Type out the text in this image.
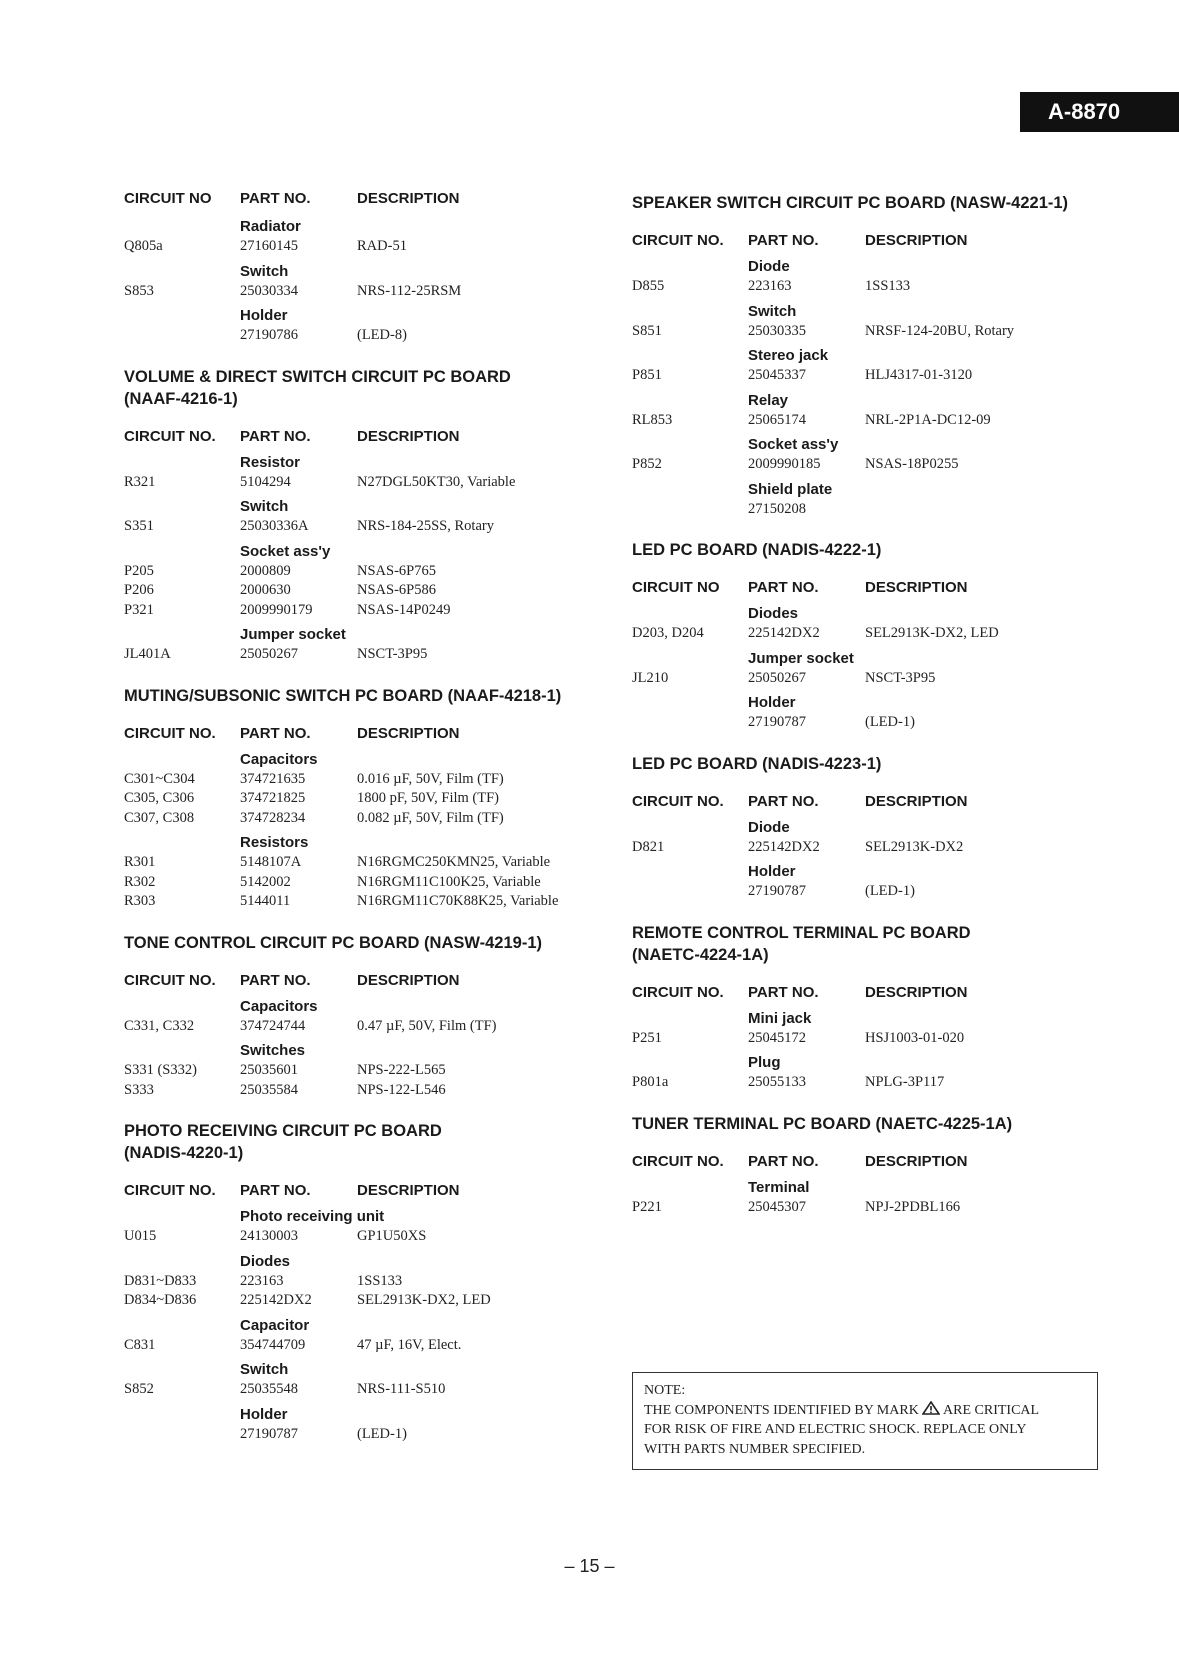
A-8870
CIRCUIT NO	PART NO.	DESCRIPTION
Radiator
Q805a	27160145	RAD-51
Switch
S853	25030334	NRS-112-25RSM
Holder
27190786	(LED-8)
VOLUME & DIRECT SWITCH CIRCUIT PC BOARD
(NAAF-4216-1)
CIRCUIT NO.	PART NO.	DESCRIPTION
Resistor
R321	5104294	N27DGL50KT30, Variable
Switch
S351	25030336A	NRS-184-25SS, Rotary
Socket ass'y
P205	2000809	NSAS-6P765
P206	2000630	NSAS-6P586
P321	2009990179	NSAS-14P0249
Jumper socket
JL401A	25050267	NSCT-3P95
MUTING/SUBSONIC SWITCH PC BOARD (NAAF-4218-1)
CIRCUIT NO.	PART NO.	DESCRIPTION
Capacitors
C301~C304	374721635	0.016 µF, 50V, Film (TF)
C305, C306	374721825	1800 pF, 50V, Film (TF)
C307, C308	374728234	0.082 µF, 50V, Film (TF)
Resistors
R301	5148107A	N16RGMC250KMN25, Variable
R302	5142002	N16RGM11C100K25, Variable
R303	5144011	N16RGM11C70K88K25, Variable
TONE CONTROL CIRCUIT PC BOARD (NASW-4219-1)
CIRCUIT NO.	PART NO.	DESCRIPTION
Capacitors
C331, C332	374724744	0.47 µF, 50V, Film (TF)
Switches
S331 (S332)	25035601	NPS-222-L565
S333	25035584	NPS-122-L546
PHOTO RECEIVING CIRCUIT PC BOARD
(NADIS-4220-1)
CIRCUIT NO.	PART NO.	DESCRIPTION
Photo receiving unit
U015	24130003	GP1U50XS
Diodes
D831~D833	223163	1SS133
D834~D836	225142DX2	SEL2913K-DX2, LED
Capacitor
C831	354744709	47 µF, 16V, Elect.
Switch
S852	25035548	NRS-111-S510
Holder
27190787	(LED-1)
SPEAKER SWITCH CIRCUIT PC BOARD (NASW-4221-1)
CIRCUIT NO.	PART NO.	DESCRIPTION
Diode
D855	223163	1SS133
Switch
S851	25030335	NRSF-124-20BU, Rotary
Stereo jack
P851	25045337	HLJ4317-01-3120
Relay
RL853	25065174	NRL-2P1A-DC12-09
Socket ass'y
P852	2009990185	NSAS-18P0255
Shield plate
27150208
LED PC BOARD (NADIS-4222-1)
CIRCUIT NO	PART NO.	DESCRIPTION
Diodes
D203, D204	225142DX2	SEL2913K-DX2, LED
Jumper socket
JL210	25050267	NSCT-3P95
Holder
27190787	(LED-1)
LED PC BOARD (NADIS-4223-1)
CIRCUIT NO.	PART NO.	DESCRIPTION
Diode
D821	225142DX2	SEL2913K-DX2
Holder
27190787	(LED-1)
REMOTE CONTROL TERMINAL PC BOARD
(NAETC-4224-1A)
CIRCUIT NO.	PART NO.	DESCRIPTION
Mini jack
P251	25045172	HSJ1003-01-020
Plug
P801a	25055133	NPLG-3P117
TUNER TERMINAL PC BOARD (NAETC-4225-1A)
CIRCUIT NO.	PART NO.	DESCRIPTION
Terminal
P221	25045307	NPJ-2PDBL166
NOTE:
THE COMPONENTS IDENTIFIED BY MARK ARE CRITICAL
FOR RISK OF FIRE AND ELECTRIC SHOCK. REPLACE ONLY
WITH PARTS NUMBER SPECIFIED.
– 15 –
